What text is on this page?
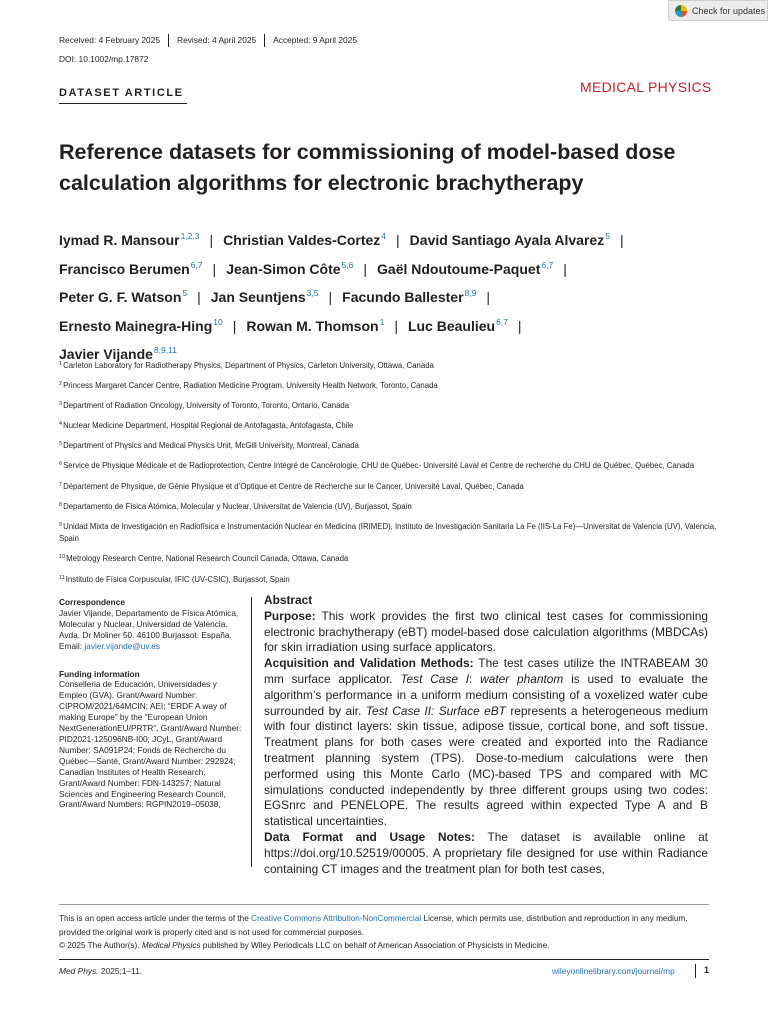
Check for updates
Received: 4 February 2025	Revised: 4 April 2025	Accepted: 9 April 2025
DOI: 10.1002/mp.17872
DATASET ARTICLE	MEDICAL PHYSICS
Reference datasets for commissioning of model-based dose calculation algorithms for electronic brachytherapy
Iymad R. Mansour$^{1,2,3}$ | Christian Valdes-Cortez$^4$ | David Santiago Ayala Alvarez$^5$ |
Francisco Berumen$^{6,7}$ | Jean-Simon Côte$^{5,6}$ | Gaël Ndoutoume-Paquet$^{6,7}$ |
Peter G. F. Watson$^5$ | Jan Seuntjens$^{3,5}$ | Facundo Ballester$^{8,9}$ |
Ernesto Mainegra-Hing$^{10}$ | Rowan M. Thomson$^1$ | Luc Beaulieu$^{6,7}$ |
Javier Vijande$^{8,9,11}$
$^1$Carleton Laboratory for Radiotherapy Physics, Department of Physics, Carleton University, Ottawa, Canada
$^2$Princess Margaret Cancer Centre, Radiation Medicine Program, University Health Network, Toronto, Canada
$^3$Department of Radiation Oncology, University of Toronto, Toronto, Ontario, Canada
$^4$Nuclear Medicine Department, Hospital Regional de Antofagasta, Antofagasta, Chile
$^5$Department of Physics and Medical Physics Unit, McGill University, Montreal, Canada
$^6$Service de Physique Médicale et de Radioprotection, Centre Intégré de Cancérologie, CHU de Québec- Université Laval et Centre de recherche du CHU de Québec, Québec, Canada
$^7$Département de Physique, de Génie Physique et d’Optique et Centre de Recherche sur le Cancer, Université Laval, Québec, Canada
$^8$Departamento de Física Atómica, Molecular y Nuclear, Universitat de Valencia (UV), Burjassot, Spain
$^9$Unidad Mixta de Investigación en Radiofísica e Instrumentación Nuclear en Medicina (IRIMED), Instituto de Investigación Sanitaria La Fe (IIS-La Fe)—Universitat de Valencia (UV), Valencia, Spain
$^{10}$Metrology Research Centre, National Research Council Canada, Ottawa, Canada
$^{11}$Instituto de Física Corpuscular, IFIC (UV-CSIC), Burjassot, Spain
Correspondence
Javier Vijande, Departamento de Física Atómica, Molecular y Nuclear, Universidad de Valencia. Avda. Dr Moliner 50. 46100 Burjassot. España.
Email: javier.vijande@uv.es
Funding information
Conselleria de Educación, Universidades y Empleo (GVA), Grant/Award Number: CIPROM/2021/64MCIN; AEI; “ERDF A way of making Europe” by the “European Union NextGenerationEU/PRTR”, Grant/Award Number: PID2021-125096NB-I00; JCyL, Grant/Award Number: SA091P24; Fonds de Recherche du Québec—Santé, Grant/Award Number: 292924; Canadian Institutes of Health Research, Grant/Award Number: FDN-143257; Natural Sciences and Engineering Research Council, Grant/Award Numbers: RGPIN2019–05038,
Abstract
Purpose: This work provides the first two clinical test cases for commissioning electronic brachytherapy (eBT) model-based dose calculation algorithms (MBDCAs) for skin irradiation using surface applicators.
Acquisition and Validation Methods: The test cases utilize the INTRABEAM 30 mm surface applicator. Test Case I: water phantom is used to evaluate the algorithm’s performance in a uniform medium consisting of a voxelized water cube surrounded by air. Test Case II: Surface eBT represents a heterogeneous medium with four distinct layers: skin tissue, adipose tissue, cortical bone, and soft tissue. Treatment plans for both cases were created and exported into the Radiance treatment planning system (TPS). Dose-to-medium calculations were then performed using this Monte Carlo (MC)-based TPS and compared with MC simulations conducted independently by three different groups using two codes: EGSnrc and PENELOPE. The results agreed within expected Type A and B statistical uncertainties.
Data Format and Usage Notes: The dataset is available online at https://doi.org/10.52519/00005. A proprietary file designed for use within Radiance containing CT images and the treatment plan for both test cases,
This is an open access article under the terms of the Creative Commons Attribution-NonCommercial License, which permits use, distribution and reproduction in any medium, provided the original work is properly cited and is not used for commercial purposes.
© 2025 The Author(s). Medical Physics published by Wiley Periodicals LLC on behalf of American Association of Physicists in Medicine.
Med Phys. 2025;1–11.	wileyonlinelibrary.com/journal/mp	1
